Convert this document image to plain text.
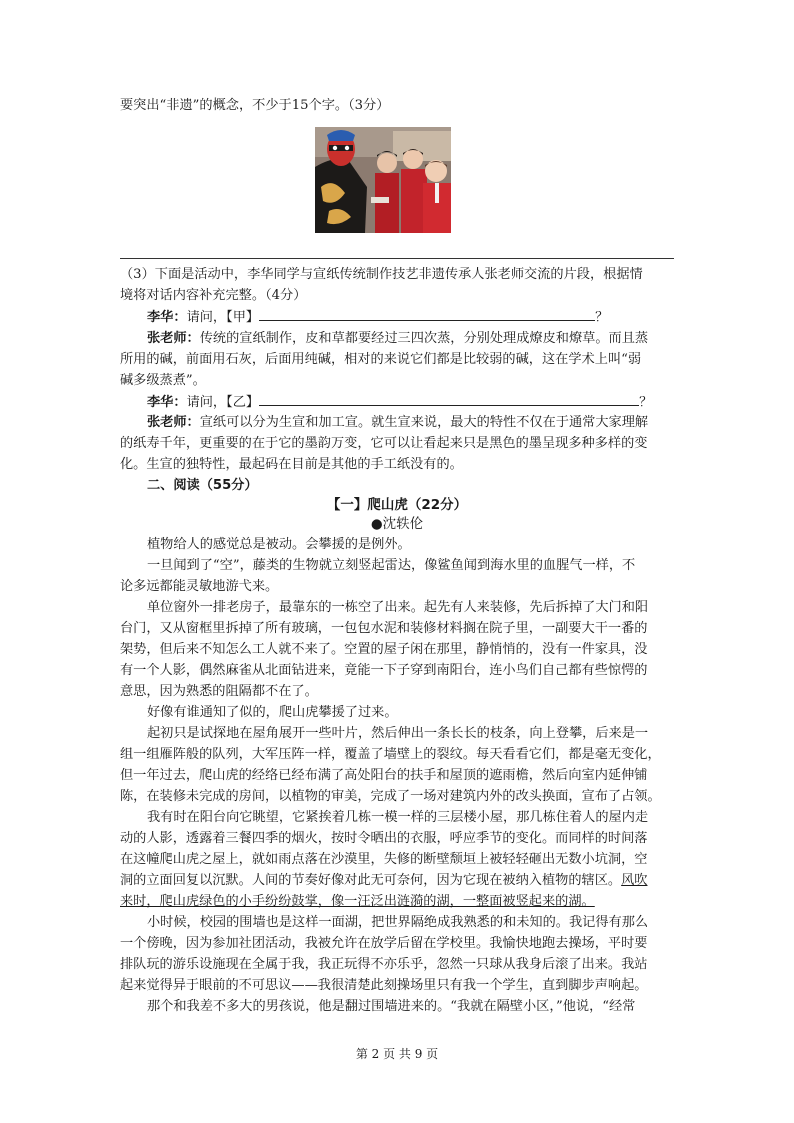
要突出“非遗”的概念，不少于15个字。（3分）
（3）下面是活动中，李华同学与宣纸传统制作技艺非遗传承人张老师交流的片段，根据情
境将对话内容补充完整。（4分）
李华：请问，【甲】	？
张老师：传统的宣纸制作，皮和草都要经过三四次蒸，分别处理成燎皮和燎草。而且蒸
所用的碱，前面用石灰，后面用纯碱，相对的来说它们都是比较弱的碱，这在学术上叫“弱
碱多级蒸煮”。
李华：请问，【乙】	？
张老师：宣纸可以分为生宣和加工宣。就生宣来说，最大的特性不仅在于通常大家理解
的纸寿千年，更重要的在于它的墨韵万变，它可以让看起来只是黑色的墨呈现多种多样的变
化。生宣的独特性，最起码在目前是其他的手工纸没有的。
二、阅读（55分）
【一】爬山虎（22分）
●沈轶伦
植物给人的感觉总是被动。会攀援的是例外。
一旦闻到了“空”，藤类的生物就立刻竖起雷达，像鲨鱼闻到海水里的血腥气一样，不
论多远都能灵敏地游弋来。
单位窗外一排老房子，最靠东的一栋空了出来。起先有人来装修，先后拆掉了大门和阳
台门，又从窗框里拆掉了所有玻璃，一包包水泥和装修材料搁在院子里，一副要大干一番的
架势，但后来不知怎么工人就不来了。空置的屋子闲在那里，静悄悄的，没有一件家具，没
有一个人影，偶然麻雀从北面钻进来，竟能一下子穿到南阳台，连小鸟们自己都有些惊愕的
意思，因为熟悉的阻隔都不在了。
好像有谁通知了似的，爬山虎攀援了过来。
起初只是试探地在屋角展开一些叶片，然后伸出一条长长的枝条，向上登攀，后来是一
组一组雁阵般的队列，大军压阵一样，覆盖了墙壁上的裂纹。每天看看它们，都是毫无变化，
但一年过去，爬山虎的经络已经布满了高处阳台的扶手和屋顶的遮雨檐，然后向室内延伸铺
陈，在装修未完成的房间，以植物的审美，完成了一场对建筑内外的改头换面，宣布了占领。
我有时在阳台向它眺望，它紧挨着几栋一模一样的三层楼小屋，那几栋住着人的屋内走
动的人影，透露着三餐四季的烟火，按时令晒出的衣服，呼应季节的变化。而同样的时间落
在这幢爬山虎之屋上，就如雨点落在沙漠里，失修的断壁颓垣上被轻轻砸出无数小坑洞，空
洞的立面回复以沉默。人间的节奏好像对此无可奈何，因为它现在被纳入植物的辖区。风吹
来时，爬山虎绿色的小手纷纷鼓掌，像一汪泛出涟漪的湖，一整面被竖起来的湖。
小时候，校园的围墙也是这样一面湖，把世界隔绝成我熟悉的和未知的。我记得有那么
一个傍晚，因为参加社团活动，我被允许在放学后留在学校里。我愉快地跑去操场，平时要
排队玩的游乐设施现在全属于我，我正玩得不亦乐乎，忽然一只球从我身后滚了出来。我站
起来觉得异于眼前的不可思议——我很清楚此刻操场里只有我一个学生，直到脚步声响起。
那个和我差不多大的男孩说，他是翻过围墙进来的。“我就在隔壁小区，”他说，“经常
第 2 页 共 9 页
